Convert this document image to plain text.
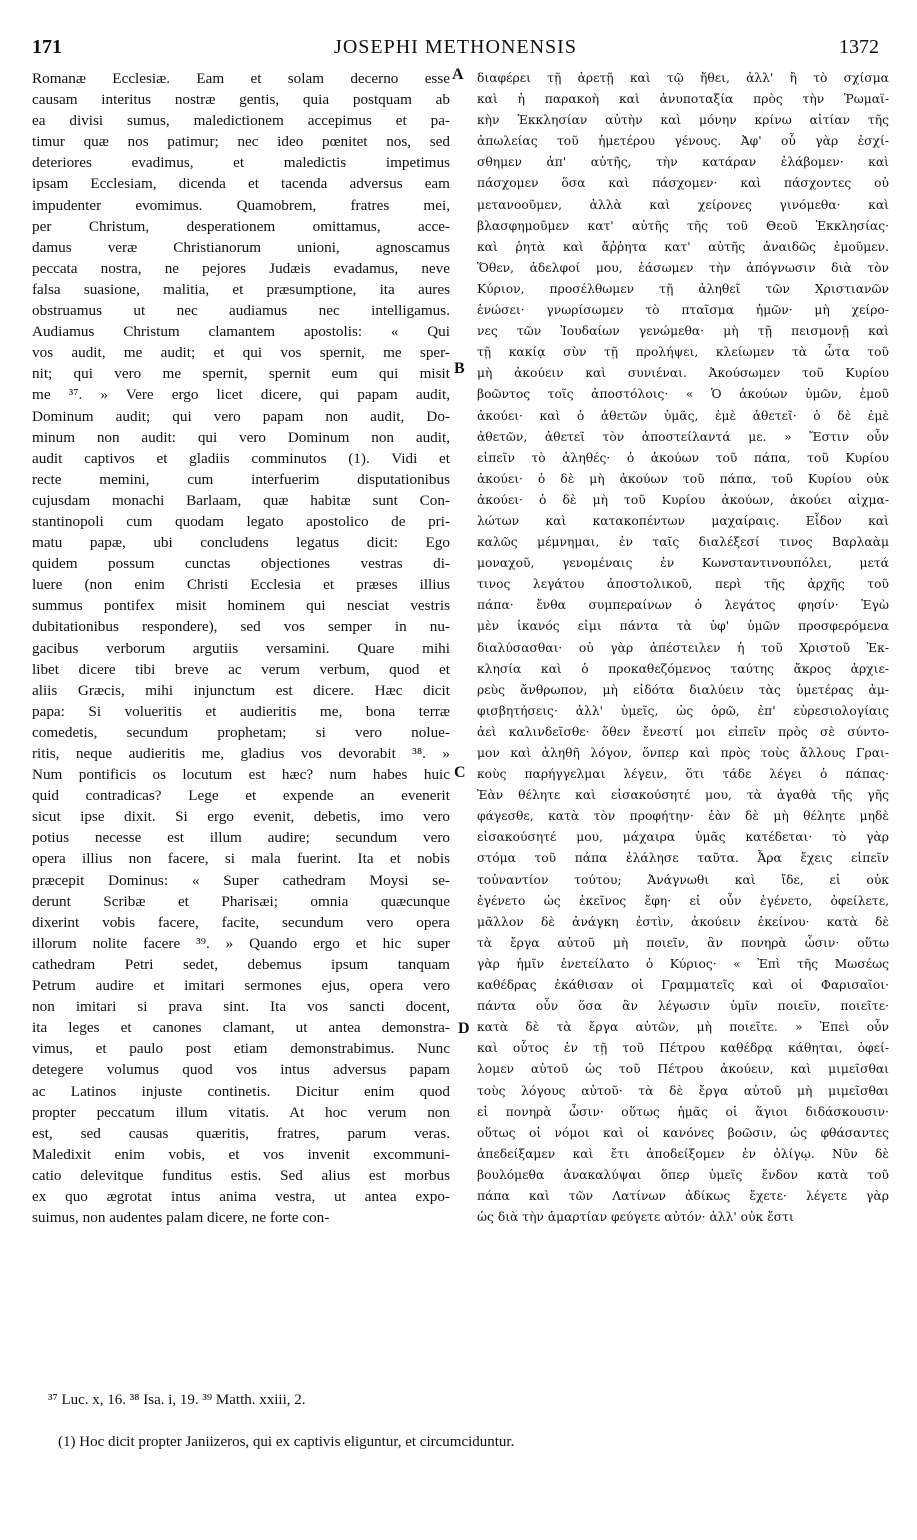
171	JOSEPHI METHONENSIS	1372
Romanæ Ecclesiæ. Eam et solam decerno esse
causam interitus nostræ gentis, quia postquam ab
ea divisi sumus, maledictionem accepimus et pa-
timur quæ nos patimur; nec ideo pœnitet nos, sed
deteriores evadimus, et maledictis impetimus
ipsam Ecclesiam, dicenda et tacenda adversus eam
impudenter evomimus. Quamobrem, fratres mei,
per Christum, desperationem omittamus, acce-
damus veræ Christianorum unioni, agnoscamus
peccata nostra, ne pejores Judæis evadamus, neve
falsa suasione, malitia, et præsumptione, ita aures
obstruamus ut nec audiamus nec intelligamus.
Audiamus Christum clamantem apostolis: « Qui
vos audit, me audit; et qui vos spernit, me sper-
nit; qui vero me spernit, spernit eum qui misit
me ³⁷. » Vere ergo licet dicere, qui papam audit,
Dominum audit; qui vero papam non audit, Do-
minum non audit: qui vero Dominum non audit,
audit captivos et gladiis comminutos (1). Vidi et
recte memini, cum interfuerim disputationibus
cujusdam monachi Barlaam, quæ habitæ sunt Con-
stantinopoli cum quodam legato apostolico de pri-
matu papæ, ubi concludens legatus dicit: Ego
quidem possum cunctas objectiones vestras di-
luere (non enim Christi Ecclesia et præses illius
summus pontifex misit hominem qui nesciat vestris
dubitationibus respondere), sed vos semper in nu-
gacibus verborum argutiis versamini. Quare mihi
libet dicere tibi breve ac verum verbum, quod et
aliis Græcis, mihi injunctum est dicere. Hæc dicit
papa: Si volueritis et audieritis me, bona terræ
comedetis, secundum prophetam; si vero nolue-
ritis, neque audieritis me, gladius vos devorabit ³⁸. »
Num pontificis os locutum est hæc? num habes huic
quid contradicas? Lege et expende an evenerit
sicut ipse dixit. Si ergo evenit, debetis, imo vero
potius necesse est illum audire; secundum vero
opera illius non facere, si mala fuerint. Ita et nobis
præcepit Dominus: « Super cathedram Moysi se-
derunt Scribæ et Pharisæi; omnia quæcunque
dixerint vobis facere, facite, secundum vero opera
illorum nolite facere ³⁹. » Quando ergo et hic super
cathedram Petri sedet, debemus ipsum tanquam
Petrum audire et imitari sermones ejus, opera vero
non imitari si prava sint. Ita vos sancti docent,
ita leges et canones clamant, ut antea demonstra-
vimus, et paulo post etiam demonstrabimus. Nunc
detegere volumus quod vos intus adversus papam
ac Latinos injuste continetis. Dicitur enim quod
propter peccatum illum vitatis. At hoc verum non
est, sed causas quæritis, fratres, parum veras.
Maledixit enim vobis, et vos invenit excommuni-
catio delevitque funditus estis. Sed alius est morbus
ex quo ægrotat intus anima vestra, ut antea expo-
suimus, non audentes palam dicere, ne forte con-
διαφέρει τῇ ἀρετῇ καὶ τῷ ἤθει, ἀλλ' ἢ τὸ σχίσμα
καὶ ἡ παρακοὴ καὶ ἀνυποταξία πρὸς τὴν Ῥωμαϊ-
κὴν Ἐκκλησίαν αὐτὴν καὶ μόνην κρίνω αἰτίαν τῆς
ἀπωλείας τοῦ ἡμετέρου γένους. Ἀφ' οὗ γὰρ ἐσχί-
σθημεν ἀπ' αὐτῆς, τὴν κατάραν ἐλάβομεν· καὶ
πάσχομεν ὅσα καὶ πάσχομεν· καὶ πάσχοντες οὐ
μετανοοῦμεν, ἀλλὰ καὶ χείρονες γινόμεθα· καὶ
βλασφημοῦμεν κατ' αὐτῆς τῆς τοῦ Θεοῦ Ἐκκλησίας·
καὶ ῥητὰ καὶ ἄῤῥητα κατ' αὐτῆς ἀναιδῶς ἐμοῦμεν.
Ὅθεν, ἀδελφοί μου, ἐάσωμεν τὴν ἀπόγνωσιν διὰ τὸν
Κύριον, προσέλθωμεν τῇ ἀληθεῖ τῶν Χριστιανῶν
ἑνώσει· γνωρίσωμεν τὸ πταῖσμα ἡμῶν· μὴ χείρο-
νες τῶν Ἰουδαίων γενώμεθα· μὴ τῇ πεισμονῇ καὶ
τῇ κακίᾳ σὺν τῇ προλήψει, κλείωμεν τὰ ὦτα τοῦ
μὴ ἀκούειν καὶ συνιέναι. Ἀκούσωμεν τοῦ Κυρίου
βοῶντος τοῖς ἀποστόλοις· « Ὁ ἀκούων ὑμῶν, ἐμοῦ
ἀκούει· καὶ ὁ ἀθετῶν ὑμᾶς, ἐμὲ ἀθετεῖ· ὁ δὲ ἐμὲ
ἀθετῶν, ἀθετεῖ τὸν ἀποστείλαντά με. » Ἔστιν οὖν
εἰπεῖν τὸ ἀληθές· ὁ ἀκούων τοῦ πάπα, τοῦ Κυρίου
ἀκούει· ὁ δὲ μὴ ἀκούων τοῦ πάπα, τοῦ Κυρίου οὐκ
ἀκούει· ὁ δὲ μὴ τοῦ Κυρίου ἀκούων, ἀκούει αἰχμα-
λώτων καὶ κατακοπέντων μαχαίραις. Εἶδον καὶ
καλῶς μέμνημαι, ἐν ταῖς διαλέξεσί τινος Βαρλαὰμ
μοναχοῦ, γενομέναις ἐν Κωνσταντινουπόλει, μετά
τινος λεγάτου ἀποστολικοῦ, περὶ τῆς ἀρχῆς τοῦ
πάπα· ἔνθα συμπεραίνων ὁ λεγάτος φησίν· Ἐγὼ
μὲν ἱκανός εἰμι πάντα τὰ ὑφ' ὑμῶν προσφερόμενα
διαλύσασθαι· οὐ γὰρ ἀπέστειλεν ἡ τοῦ Χριστοῦ Ἐκ-
κλησία καὶ ὁ προκαθεζόμενος ταύτης ἄκρος ἀρχιε-
ρεὺς ἄνθρωπον, μὴ εἰδότα διαλύειν τὰς ὑμετέρας ἀμ-
φισβητήσεις· ἀλλ' ὑμεῖς, ὡς ὁρῶ, ἐπ' εὑρεσιολογίαις
ἀεὶ καλινδεῖσθε· ὅθεν ἔνεστί μοι εἰπεῖν πρὸς σὲ σύντο-
μον καὶ ἀληθῆ λόγον, ὅνπερ καὶ πρὸς τοὺς ἄλλους Γραι-
κοὺς παρήγγελμαι λέγειν, ὅτι τάδε λέγει ὁ πάπας·
Ἐὰν θέλητε καὶ εἰσακούσητέ μου, τὰ ἀγαθὰ τῆς γῆς
φάγεσθε, κατὰ τὸν προφήτην· ἐὰν δὲ μὴ θέλητε μηδὲ
εἰσακούσητέ μου, μάχαιρα ὑμᾶς κατέδεται· τὸ γὰρ
στόμα τοῦ πάπα ἐλάλησε ταῦτα. Ἆρα ἔχεις εἰπεῖν
τοὐναντίον τούτου; Ἀνάγνωθι καὶ ἴδε, εἰ οὐκ
ἐγένετο ὡς ἐκεῖνος ἔφη· εἰ οὖν ἐγένετο, ὀφείλετε,
μᾶλλον δὲ ἀνάγκη ἐστὶν, ἀκούειν ἐκείνου· κατὰ δὲ
τὰ ἔργα αὐτοῦ μὴ ποιεῖν, ἂν πονηρὰ ὦσιν· οὕτω
γὰρ ἡμῖν ἐνετείλατο ὁ Κύριος· « Ἐπὶ τῆς Μωσέως
καθέδρας ἐκάθισαν οἱ Γραμματεῖς καὶ οἱ Φαρισαῖοι·
πάντα οὖν ὅσα ἂν λέγωσιν ὑμῖν ποιεῖν, ποιεῖτε·
κατὰ δὲ τὰ ἔργα αὐτῶν, μὴ ποιεῖτε. » Ἐπεὶ οὖν
καὶ οὗτος ἐν τῇ τοῦ Πέτρου καθέδρᾳ κάθηται, ὀφεί-
λομεν αὐτοῦ ὡς τοῦ Πέτρου ἀκούειν, καὶ μιμεῖσθαι
τοὺς λόγους αὐτοῦ· τὰ δὲ ἔργα αὐτοῦ μὴ μιμεῖσθαι
εἰ πονηρὰ ὦσιν· οὕτως ἡμᾶς οἱ ἅγιοι διδάσκουσιν·
οὕτως οἱ νόμοι καὶ οἱ κανόνες βοῶσιν, ὡς φθάσαντες
ἀπεδείξαμεν καὶ ἔτι ἀποδείξομεν ἐν ὀλίγῳ. Νῦν δὲ
βουλόμεθα ἀνακαλύψαι ὅπερ ὑμεῖς ἔνδον κατὰ τοῦ
πάπα καὶ τῶν Λατίνων ἀδίκως ἔχετε· λέγετε γὰρ
ὡς διὰ τὴν ἁμαρτίαν φεύγετε αὐτόν· ἀλλ' οὐκ ἔστι
A
B
C
D
³⁷ Luc. x, 16. ³⁸ Isa. i, 19. ³⁹ Matth. xxiii, 2.
(1) Hoc dicit propter Janiizeros, qui ex captivis eliguntur, et circumciduntur.
